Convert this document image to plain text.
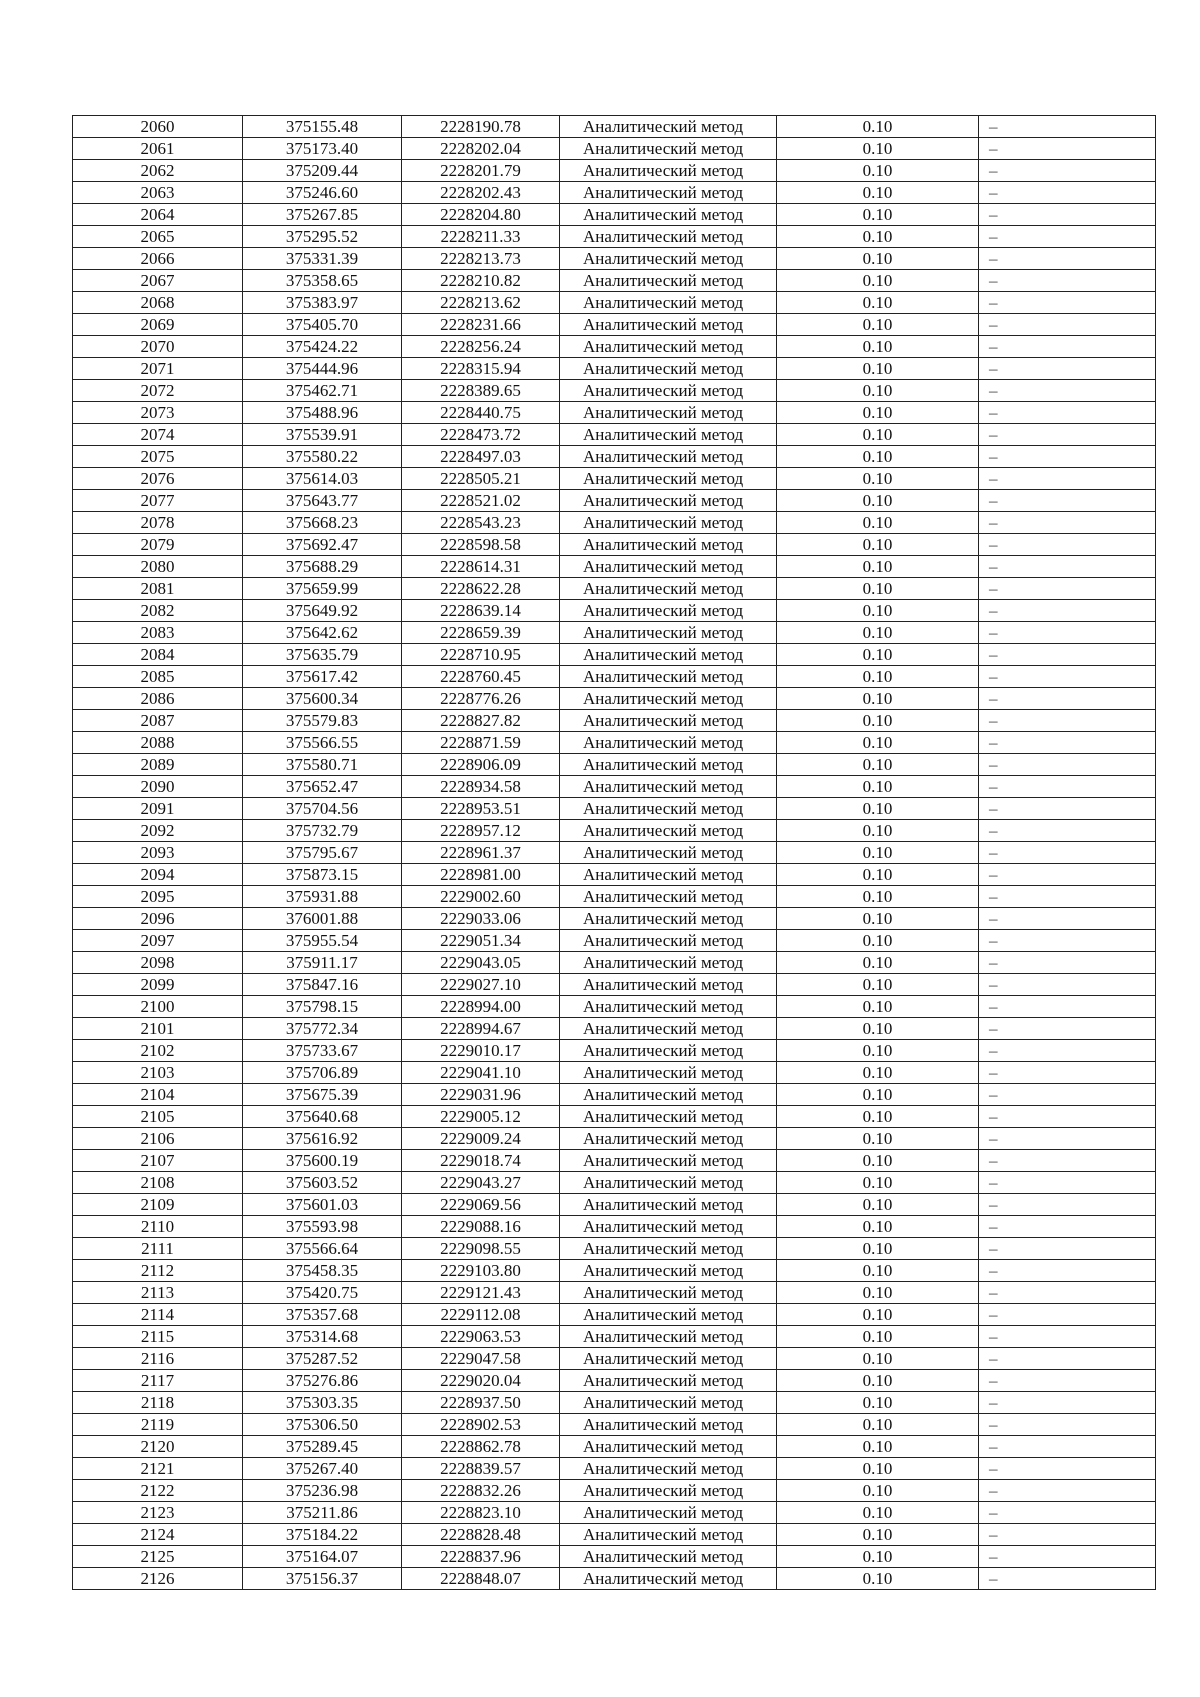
2060	375155.48	2228190.78	Аналитический метод	0.10	–
2061	375173.40	2228202.04	Аналитический метод	0.10	–
2062	375209.44	2228201.79	Аналитический метод	0.10	–
2063	375246.60	2228202.43	Аналитический метод	0.10	–
2064	375267.85	2228204.80	Аналитический метод	0.10	–
2065	375295.52	2228211.33	Аналитический метод	0.10	–
2066	375331.39	2228213.73	Аналитический метод	0.10	–
2067	375358.65	2228210.82	Аналитический метод	0.10	–
2068	375383.97	2228213.62	Аналитический метод	0.10	–
2069	375405.70	2228231.66	Аналитический метод	0.10	–
2070	375424.22	2228256.24	Аналитический метод	0.10	–
2071	375444.96	2228315.94	Аналитический метод	0.10	–
2072	375462.71	2228389.65	Аналитический метод	0.10	–
2073	375488.96	2228440.75	Аналитический метод	0.10	–
2074	375539.91	2228473.72	Аналитический метод	0.10	–
2075	375580.22	2228497.03	Аналитический метод	0.10	–
2076	375614.03	2228505.21	Аналитический метод	0.10	–
2077	375643.77	2228521.02	Аналитический метод	0.10	–
2078	375668.23	2228543.23	Аналитический метод	0.10	–
2079	375692.47	2228598.58	Аналитический метод	0.10	–
2080	375688.29	2228614.31	Аналитический метод	0.10	–
2081	375659.99	2228622.28	Аналитический метод	0.10	–
2082	375649.92	2228639.14	Аналитический метод	0.10	–
2083	375642.62	2228659.39	Аналитический метод	0.10	–
2084	375635.79	2228710.95	Аналитический метод	0.10	–
2085	375617.42	2228760.45	Аналитический метод	0.10	–
2086	375600.34	2228776.26	Аналитический метод	0.10	–
2087	375579.83	2228827.82	Аналитический метод	0.10	–
2088	375566.55	2228871.59	Аналитический метод	0.10	–
2089	375580.71	2228906.09	Аналитический метод	0.10	–
2090	375652.47	2228934.58	Аналитический метод	0.10	–
2091	375704.56	2228953.51	Аналитический метод	0.10	–
2092	375732.79	2228957.12	Аналитический метод	0.10	–
2093	375795.67	2228961.37	Аналитический метод	0.10	–
2094	375873.15	2228981.00	Аналитический метод	0.10	–
2095	375931.88	2229002.60	Аналитический метод	0.10	–
2096	376001.88	2229033.06	Аналитический метод	0.10	–
2097	375955.54	2229051.34	Аналитический метод	0.10	–
2098	375911.17	2229043.05	Аналитический метод	0.10	–
2099	375847.16	2229027.10	Аналитический метод	0.10	–
2100	375798.15	2228994.00	Аналитический метод	0.10	–
2101	375772.34	2228994.67	Аналитический метод	0.10	–
2102	375733.67	2229010.17	Аналитический метод	0.10	–
2103	375706.89	2229041.10	Аналитический метод	0.10	–
2104	375675.39	2229031.96	Аналитический метод	0.10	–
2105	375640.68	2229005.12	Аналитический метод	0.10	–
2106	375616.92	2229009.24	Аналитический метод	0.10	–
2107	375600.19	2229018.74	Аналитический метод	0.10	–
2108	375603.52	2229043.27	Аналитический метод	0.10	–
2109	375601.03	2229069.56	Аналитический метод	0.10	–
2110	375593.98	2229088.16	Аналитический метод	0.10	–
2111	375566.64	2229098.55	Аналитический метод	0.10	–
2112	375458.35	2229103.80	Аналитический метод	0.10	–
2113	375420.75	2229121.43	Аналитический метод	0.10	–
2114	375357.68	2229112.08	Аналитический метод	0.10	–
2115	375314.68	2229063.53	Аналитический метод	0.10	–
2116	375287.52	2229047.58	Аналитический метод	0.10	–
2117	375276.86	2229020.04	Аналитический метод	0.10	–
2118	375303.35	2228937.50	Аналитический метод	0.10	–
2119	375306.50	2228902.53	Аналитический метод	0.10	–
2120	375289.45	2228862.78	Аналитический метод	0.10	–
2121	375267.40	2228839.57	Аналитический метод	0.10	–
2122	375236.98	2228832.26	Аналитический метод	0.10	–
2123	375211.86	2228823.10	Аналитический метод	0.10	–
2124	375184.22	2228828.48	Аналитический метод	0.10	–
2125	375164.07	2228837.96	Аналитический метод	0.10	–
2126	375156.37	2228848.07	Аналитический метод	0.10	–
